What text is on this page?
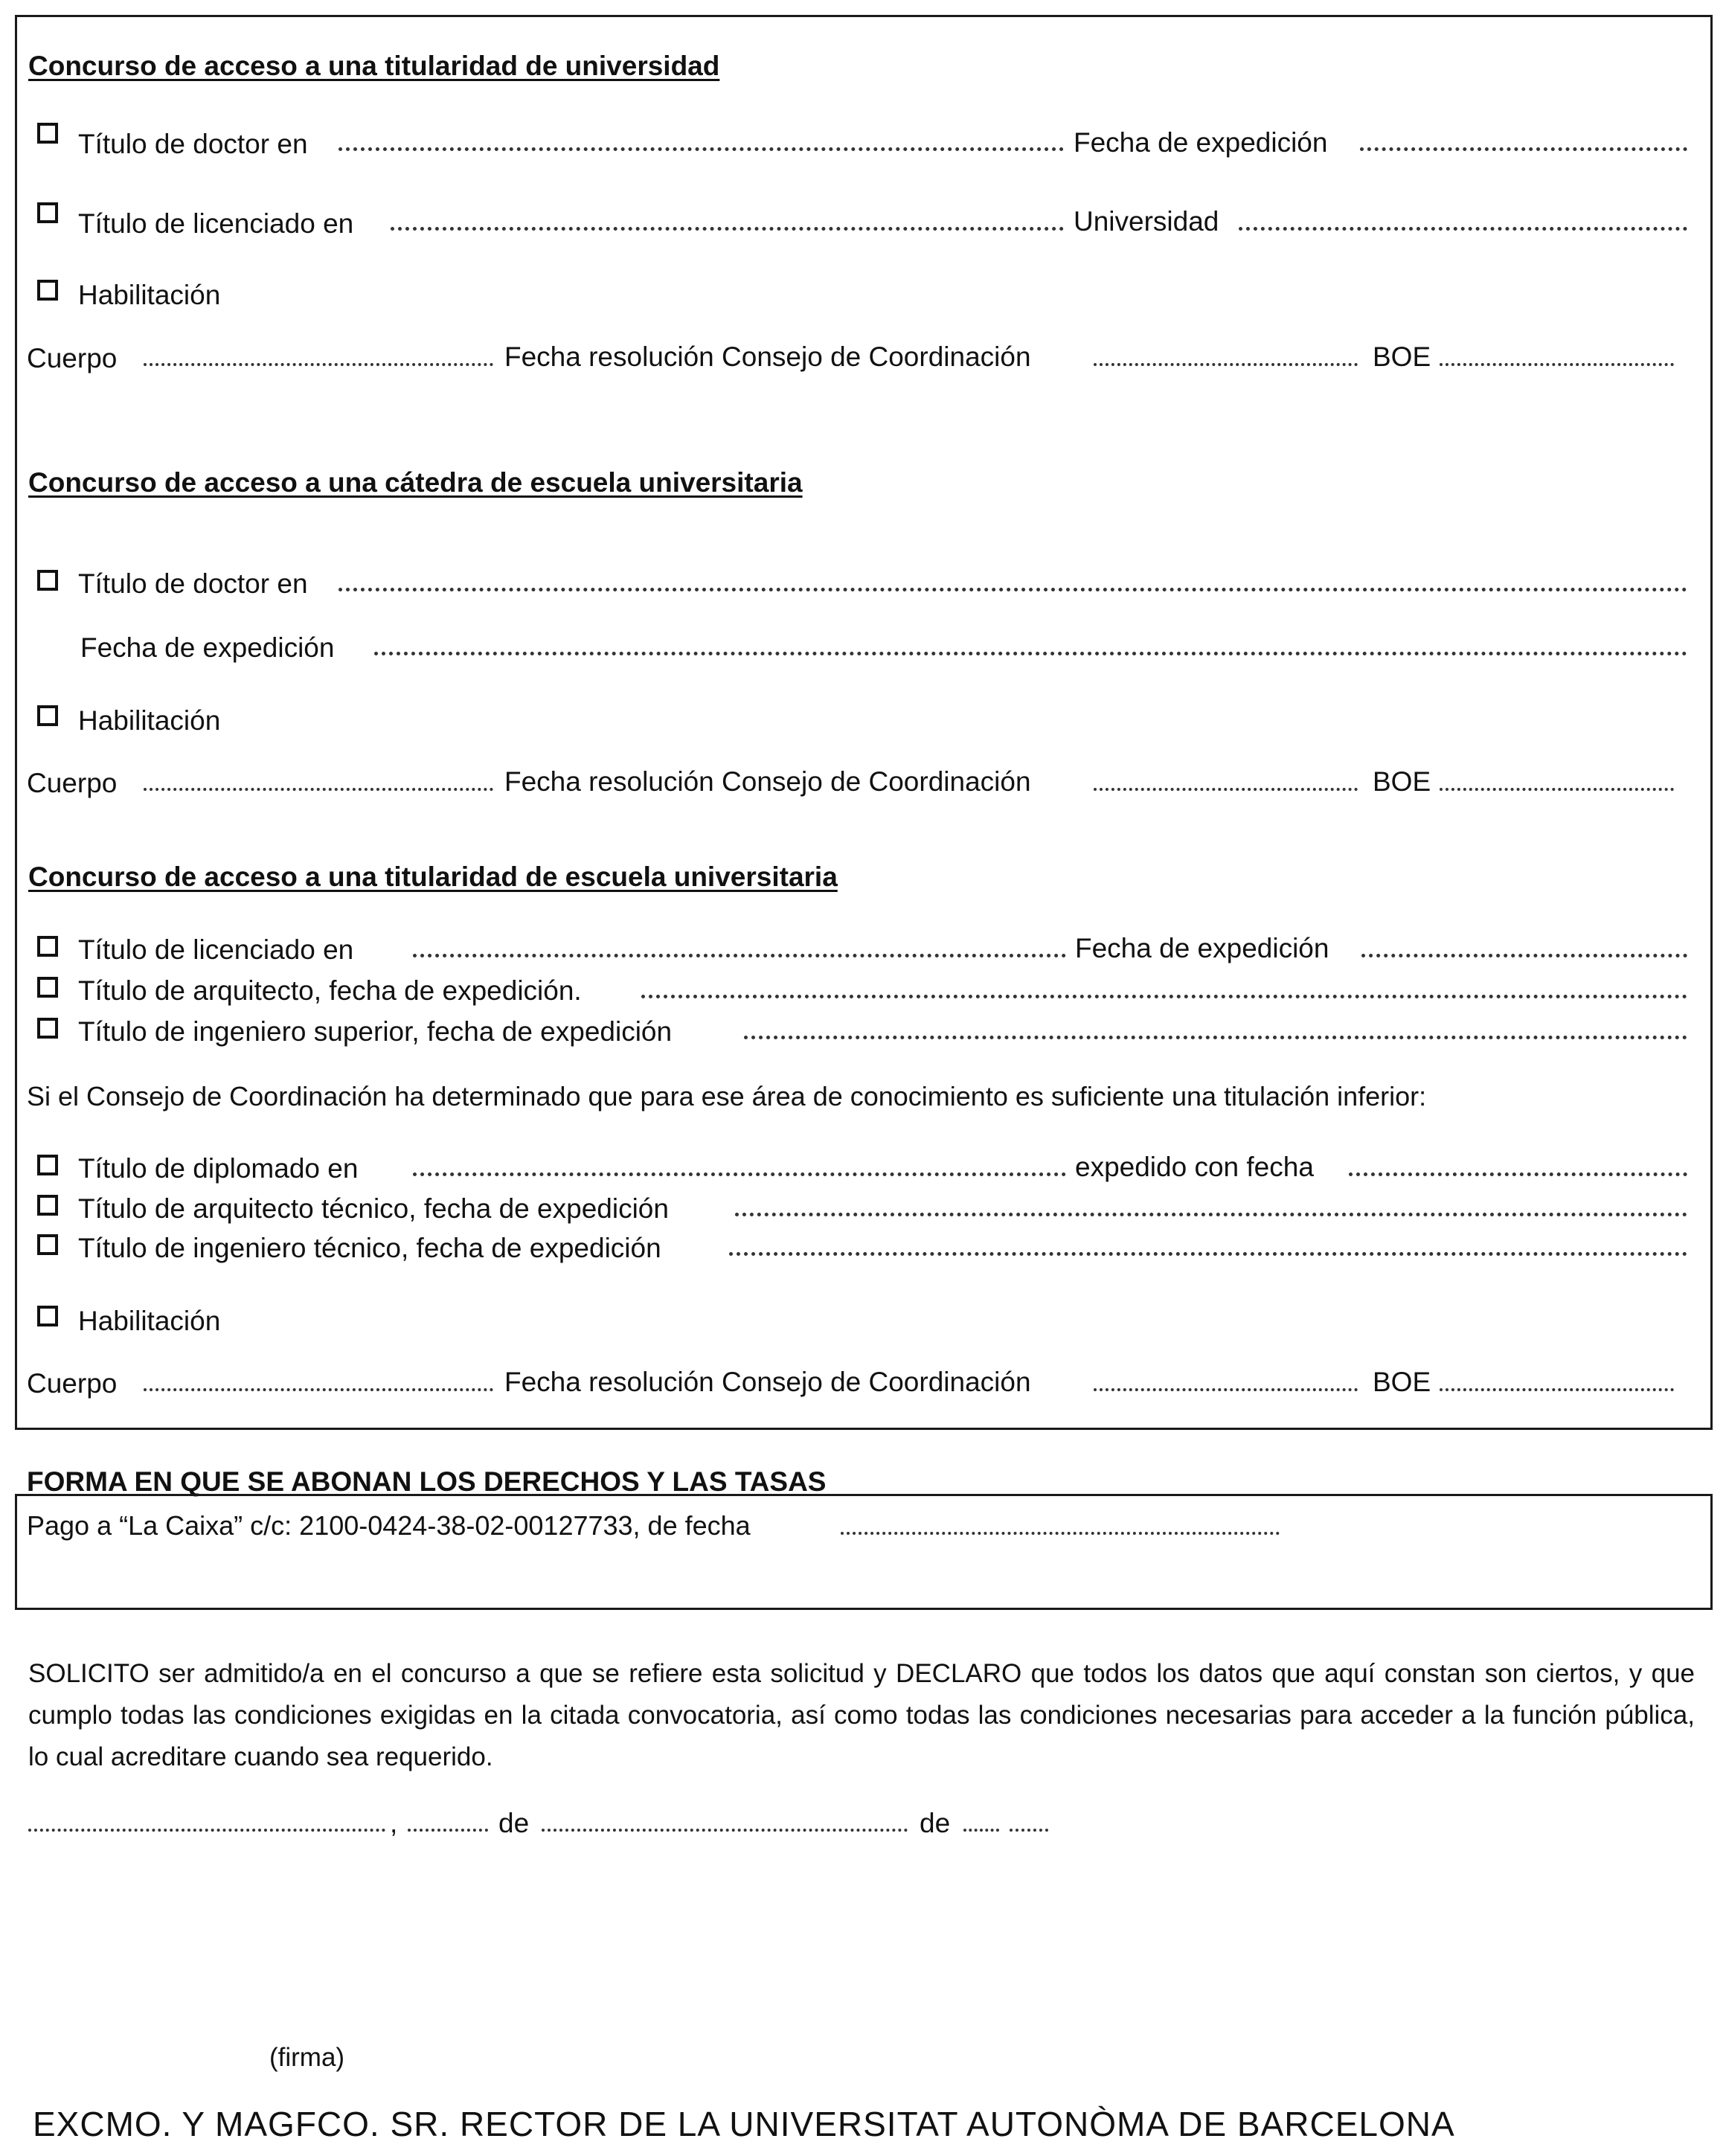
Concurso de acceso a una titularidad de universidad
Título de doctor en	Fecha de expedición
Título de licenciado en	Universidad
Habilitación
Cuerpo	Fecha resolución Consejo de Coordinación	BOE
Concurso de acceso a una cátedra de escuela universitaria
Título de doctor en
Fecha de expedición
Habilitación
Cuerpo	Fecha resolución Consejo de Coordinación	BOE
Concurso de acceso a una titularidad de escuela universitaria
Título de licenciado en	Fecha de expedición
Título de arquitecto, fecha de expedición.
Título de ingeniero superior, fecha de expedición
Si el Consejo de Coordinación ha determinado que para ese área de conocimiento es suficiente una titulación inferior:
Título de diplomado en	expedido con fecha
Título de arquitecto técnico, fecha de expedición
Título de ingeniero técnico, fecha de expedición
Habilitación
Cuerpo	Fecha resolución Consejo de Coordinación	BOE
FORMA EN QUE SE ABONAN LOS DERECHOS Y LAS TASAS
Pago a “La Caixa” c/c: 2100-0424-38-02-00127733, de fecha
SOLICITO ser admitido/a en el concurso a que se refiere esta solicitud y DECLARO que todos los datos que aquí constan son ciertos, y que cumplo todas las condiciones exigidas en la citada convocatoria, así como todas las condiciones necesarias para acceder a la función pública, lo cual acreditare cuando sea requerido.
,	de	de
(firma)
EXCMO. Y MAGFCO. SR. RECTOR DE LA UNIVERSITAT AUTONÒMA DE BARCELONA
